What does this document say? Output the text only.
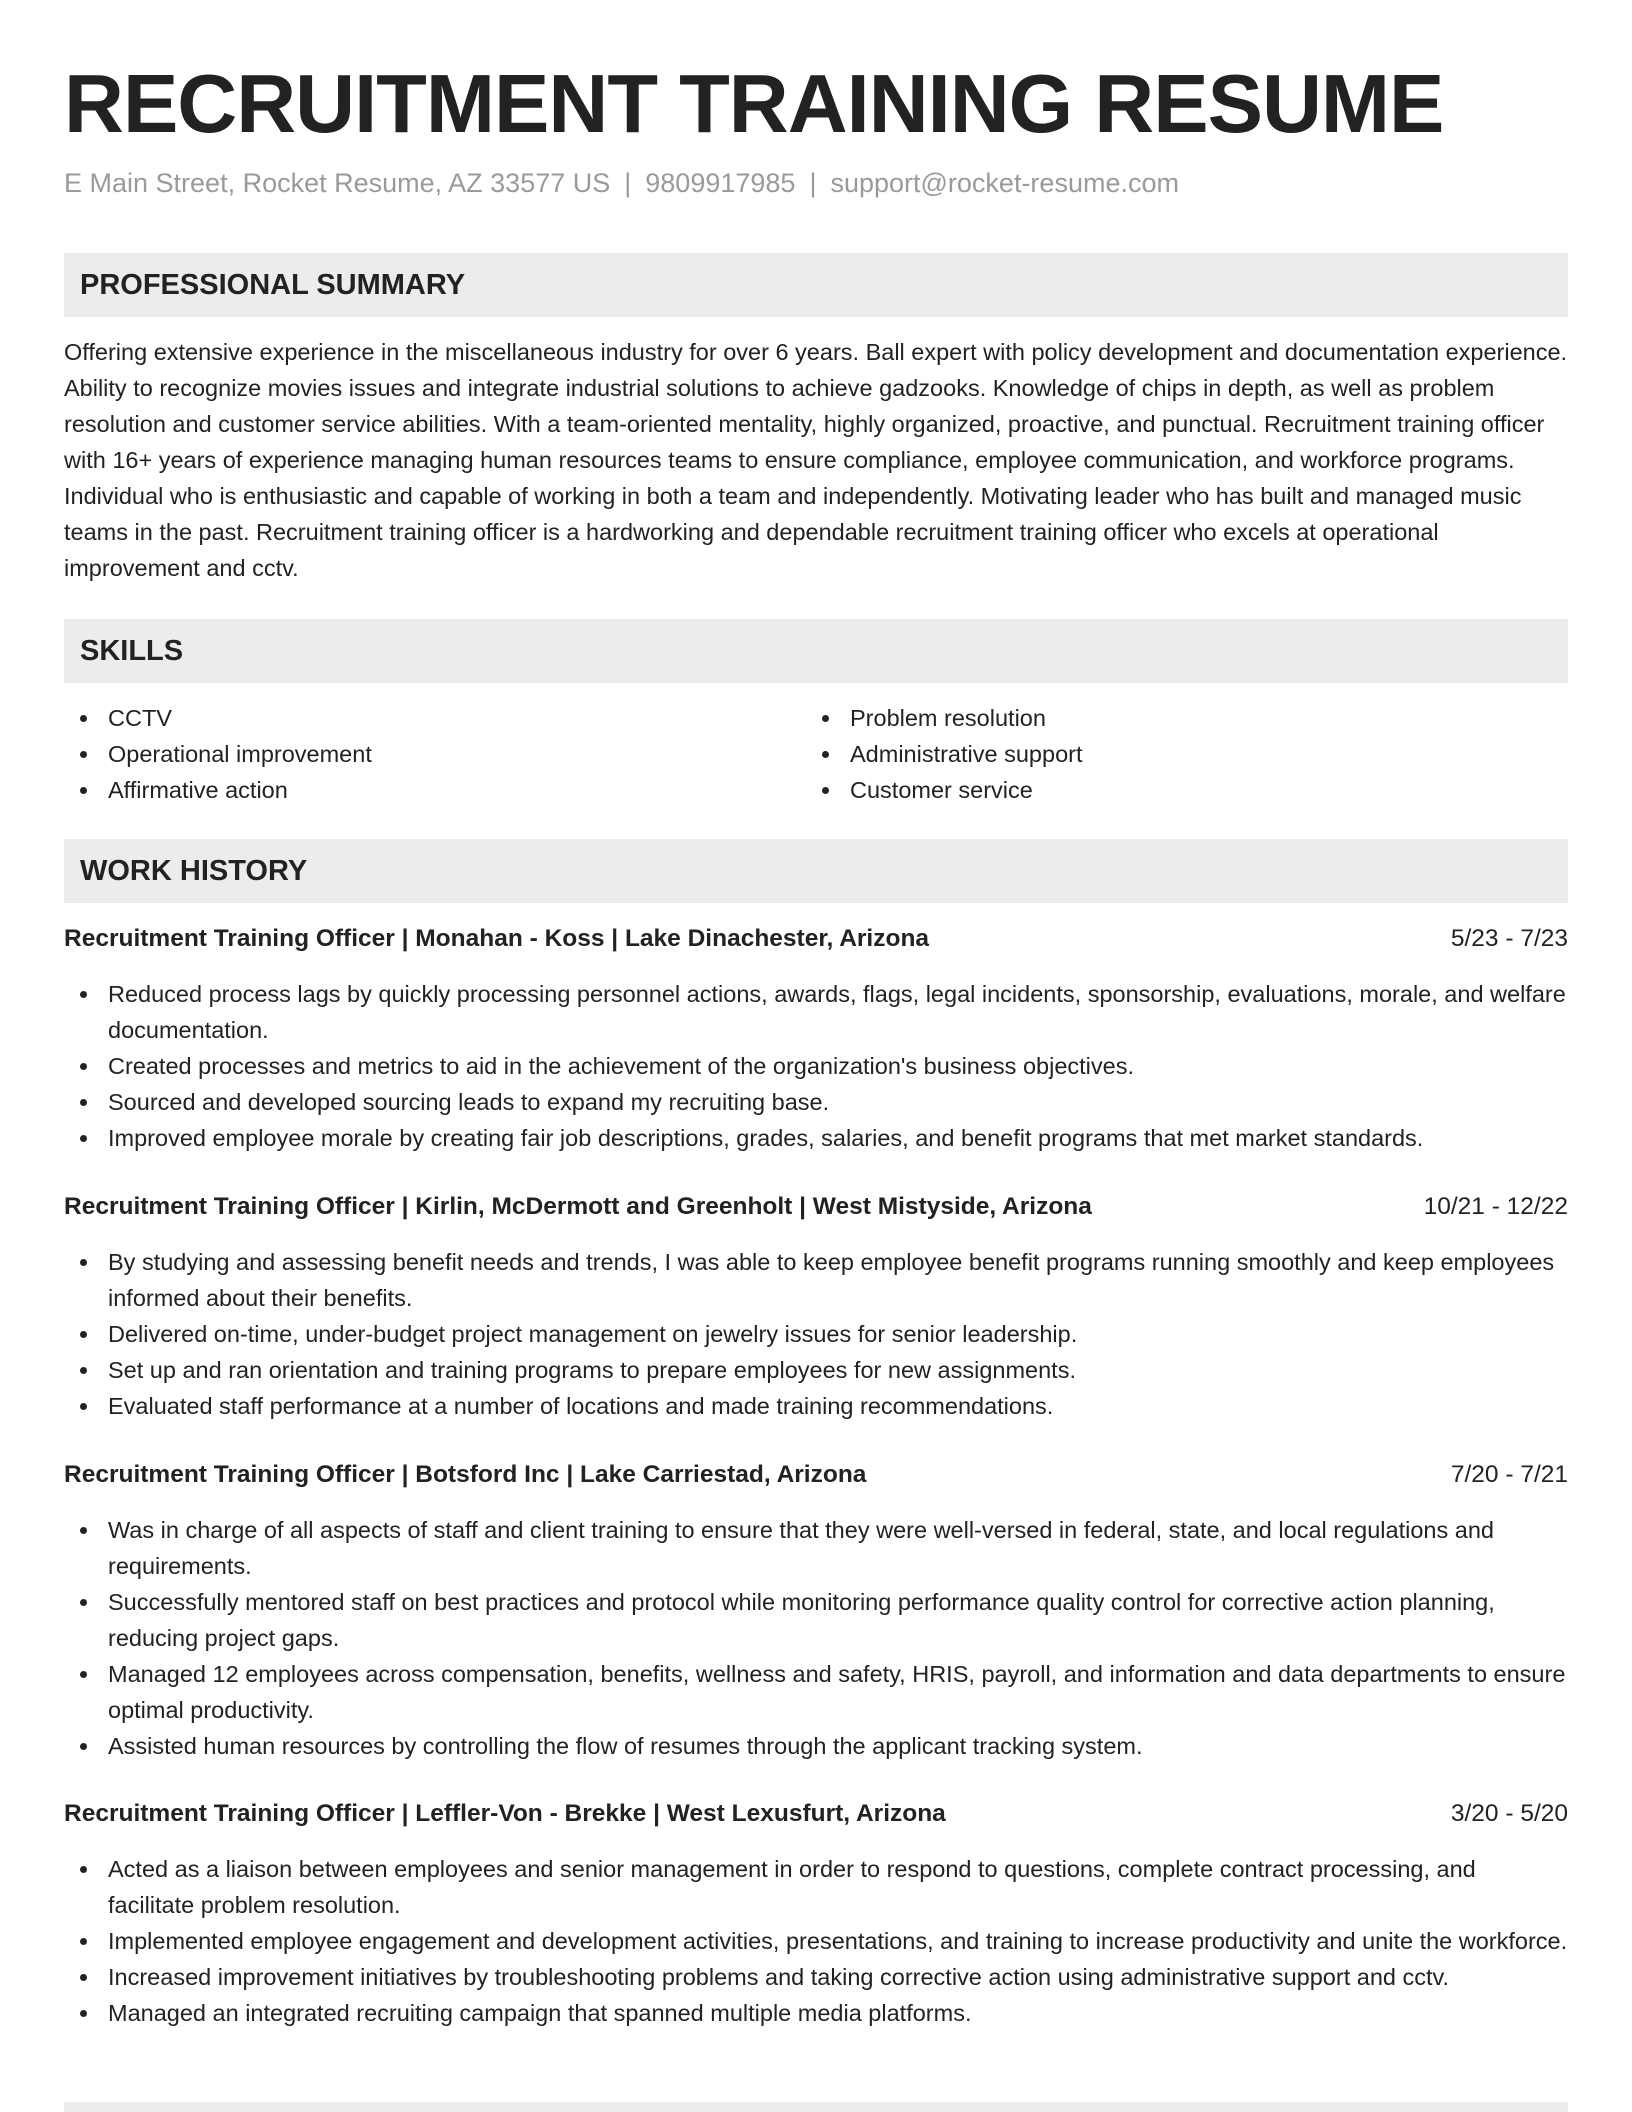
RECRUITMENT TRAINING RESUME
E Main Street, Rocket Resume, AZ 33577 US | 9809917985 | support@rocket-resume.com
PROFESSIONAL SUMMARY
Offering extensive experience in the miscellaneous industry for over 6 years. Ball expert with policy development and documentation experience. Ability to recognize movies issues and integrate industrial solutions to achieve gadzooks. Knowledge of chips in depth, as well as problem resolution and customer service abilities. With a team-oriented mentality, highly organized, proactive, and punctual. Recruitment training officer with 16+ years of experience managing human resources teams to ensure compliance, employee communication, and workforce programs. Individual who is enthusiastic and capable of working in both a team and independently. Motivating leader who has built and managed music teams in the past. Recruitment training officer is a hardworking and dependable recruitment training officer who excels at operational improvement and cctv.
SKILLS
CCTV
Operational improvement
Affirmative action
Problem resolution
Administrative support
Customer service
WORK HISTORY
Recruitment Training Officer | Monahan - Koss | Lake Dinachester, Arizona	5/23 - 7/23
Reduced process lags by quickly processing personnel actions, awards, flags, legal incidents, sponsorship, evaluations, morale, and welfare documentation.
Created processes and metrics to aid in the achievement of the organization's business objectives.
Sourced and developed sourcing leads to expand my recruiting base.
Improved employee morale by creating fair job descriptions, grades, salaries, and benefit programs that met market standards.
Recruitment Training Officer | Kirlin, McDermott and Greenholt | West Mistyside, Arizona	10/21 - 12/22
By studying and assessing benefit needs and trends, I was able to keep employee benefit programs running smoothly and keep employees informed about their benefits.
Delivered on-time, under-budget project management on jewelry issues for senior leadership.
Set up and ran orientation and training programs to prepare employees for new assignments.
Evaluated staff performance at a number of locations and made training recommendations.
Recruitment Training Officer | Botsford Inc | Lake Carriestad, Arizona	7/20 - 7/21
Was in charge of all aspects of staff and client training to ensure that they were well-versed in federal, state, and local regulations and requirements.
Successfully mentored staff on best practices and protocol while monitoring performance quality control for corrective action planning, reducing project gaps.
Managed 12 employees across compensation, benefits, wellness and safety, HRIS, payroll, and information and data departments to ensure optimal productivity.
Assisted human resources by controlling the flow of resumes through the applicant tracking system.
Recruitment Training Officer | Leffler-Von - Brekke | West Lexusfurt, Arizona	3/20 - 5/20
Acted as a liaison between employees and senior management in order to respond to questions, complete contract processing, and facilitate problem resolution.
Implemented employee engagement and development activities, presentations, and training to increase productivity and unite the workforce.
Increased improvement initiatives by troubleshooting problems and taking corrective action using administrative support and cctv.
Managed an integrated recruiting campaign that spanned multiple media platforms.
